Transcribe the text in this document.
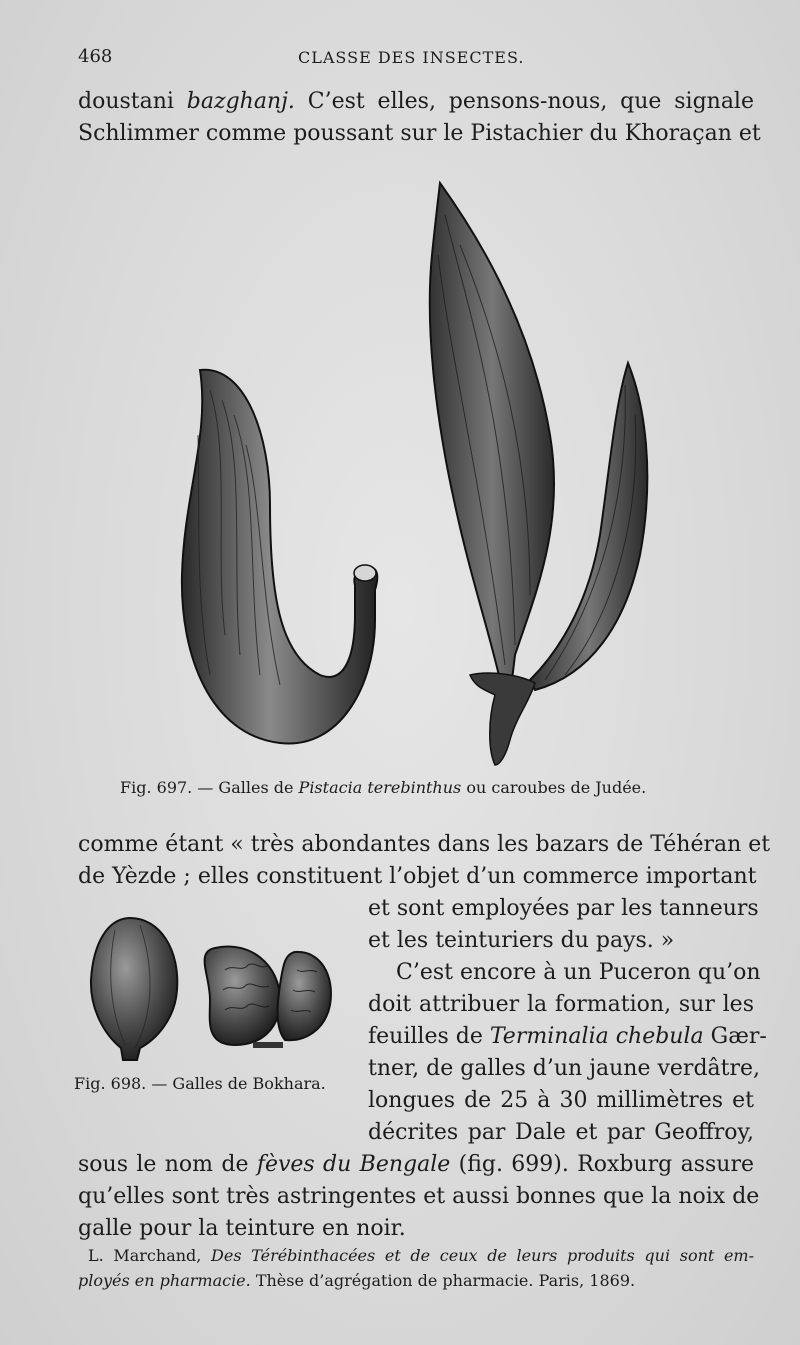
468	CLASSE DES INSECTES.

doustani bazghanj. C’est elles, pensons-nous, que signale
Schlimmer comme poussant sur le Pistachier du Khoraçan et

Fig. 697. — Galles de Pistacia terebinthus ou caroubes de Judée.

comme étant « très abondantes dans les bazars de Téhéran et
de Yèzde ; elles constituent l’objet d’un commerce important

et sont employées par les tanneurs
et les teinturiers du pays. »

Fig. 698. — Galles de Bokhara.

C’est encore à un Puceron qu’on
doit attribuer la formation, sur les
feuilles de Terminalia chebula Gær-
tner, de galles d’un jaune verdâtre,
longues de 25 à 30 millimètres et
décrites par Dale et par Geoffroy,

sous le nom de fèves du Bengale (fig. 699). Roxburg assure
qu’elles sont très astringentes et aussi bonnes que la noix de
galle pour la teinture en noir.

L. Marchand, Des Térébinthacées et de ceux de leurs produits qui sont em-
ployés en pharmacie. Thèse d’agrégation de pharmacie. Paris, 1869.
